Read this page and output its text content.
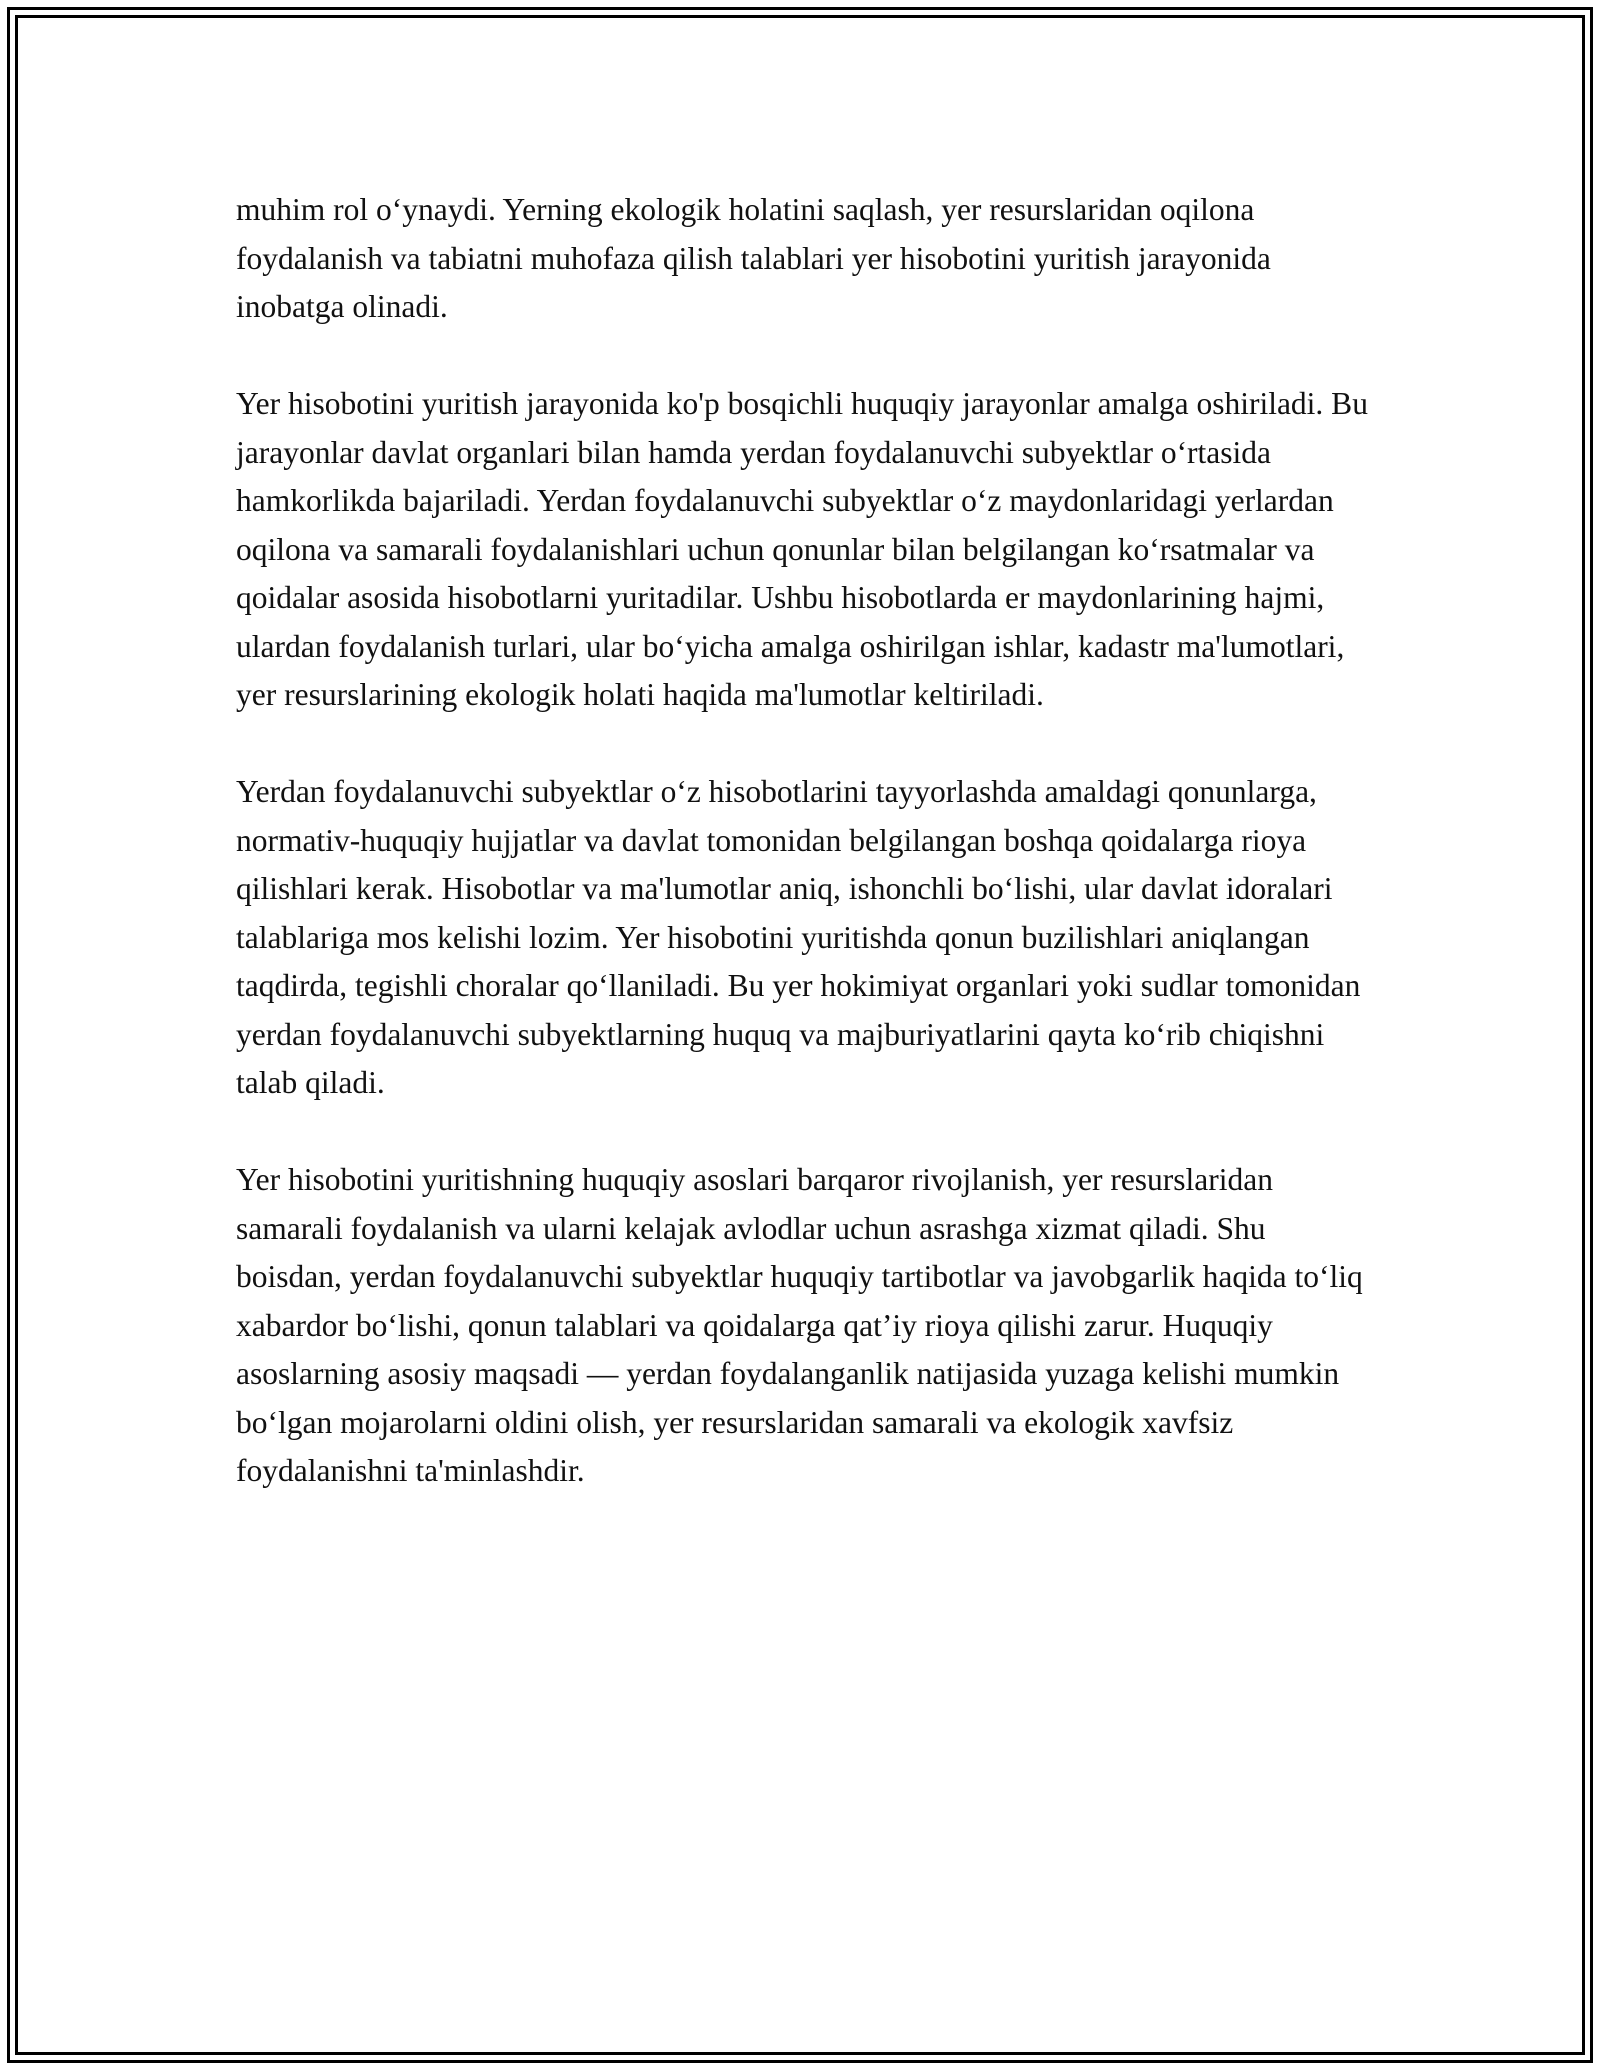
muhim rol o‘ynaydi. Yerning ekologik holatini saqlash, yer resurslaridan oqilona foydalanish va tabiatni muhofaza qilish talablari yer hisobotini yuritish jarayonida inobatga olinadi.

Yer hisobotini yuritish jarayonida ko'p bosqichli huquqiy jarayonlar amalga oshiriladi. Bu jarayonlar davlat organlari bilan hamda yerdan foydalanuvchi subyektlar o‘rtasida hamkorlikda bajariladi. Yerdan foydalanuvchi subyektlar o‘z maydonlaridagi yerlardan oqilona va samarali foydalanishlari uchun qonunlar bilan belgilangan ko‘rsatmalar va qoidalar asosida hisobotlarni yuritadilar. Ushbu hisobotlarda er maydonlarining hajmi, ulardan foydalanish turlari, ular bo‘yicha amalga oshirilgan ishlar, kadastr ma'lumotlari, yer resurslarining ekologik holati haqida ma'lumotlar keltiriladi.

Yerdan foydalanuvchi subyektlar o‘z hisobotlarini tayyorlashda amaldagi qonunlarga, normativ-huquqiy hujjatlar va davlat tomonidan belgilangan boshqa qoidalarga rioya qilishlari kerak. Hisobotlar va ma'lumotlar aniq, ishonchli bo‘lishi, ular davlat idoralari talablariga mos kelishi lozim. Yer hisobotini yuritishda qonun buzilishlari aniqlangan taqdirda, tegishli choralar qo‘llaniladi. Bu yer hokimiyat organlari yoki sudlar tomonidan yerdan foydalanuvchi subyektlarning huquq va majburiyatlarini qayta ko‘rib chiqishni talab qiladi.

Yer hisobotini yuritishning huquqiy asoslari barqaror rivojlanish, yer resurslaridan samarali foydalanish va ularni kelajak avlodlar uchun asrashga xizmat qiladi. Shu boisdan, yerdan foydalanuvchi subyektlar huquqiy tartibotlar va javobgarlik haqida to‘liq xabardor bo‘lishi, qonun talablari va qoidalarga qat’iy rioya qilishi zarur. Huquqiy asoslarning asosiy maqsadi — yerdan foydalanganlik natijasida yuzaga kelishi mumkin bo‘lgan mojarolarni oldini olish, yer resurslaridan samarali va ekologik xavfsiz foydalanishni ta'minlashdir.
